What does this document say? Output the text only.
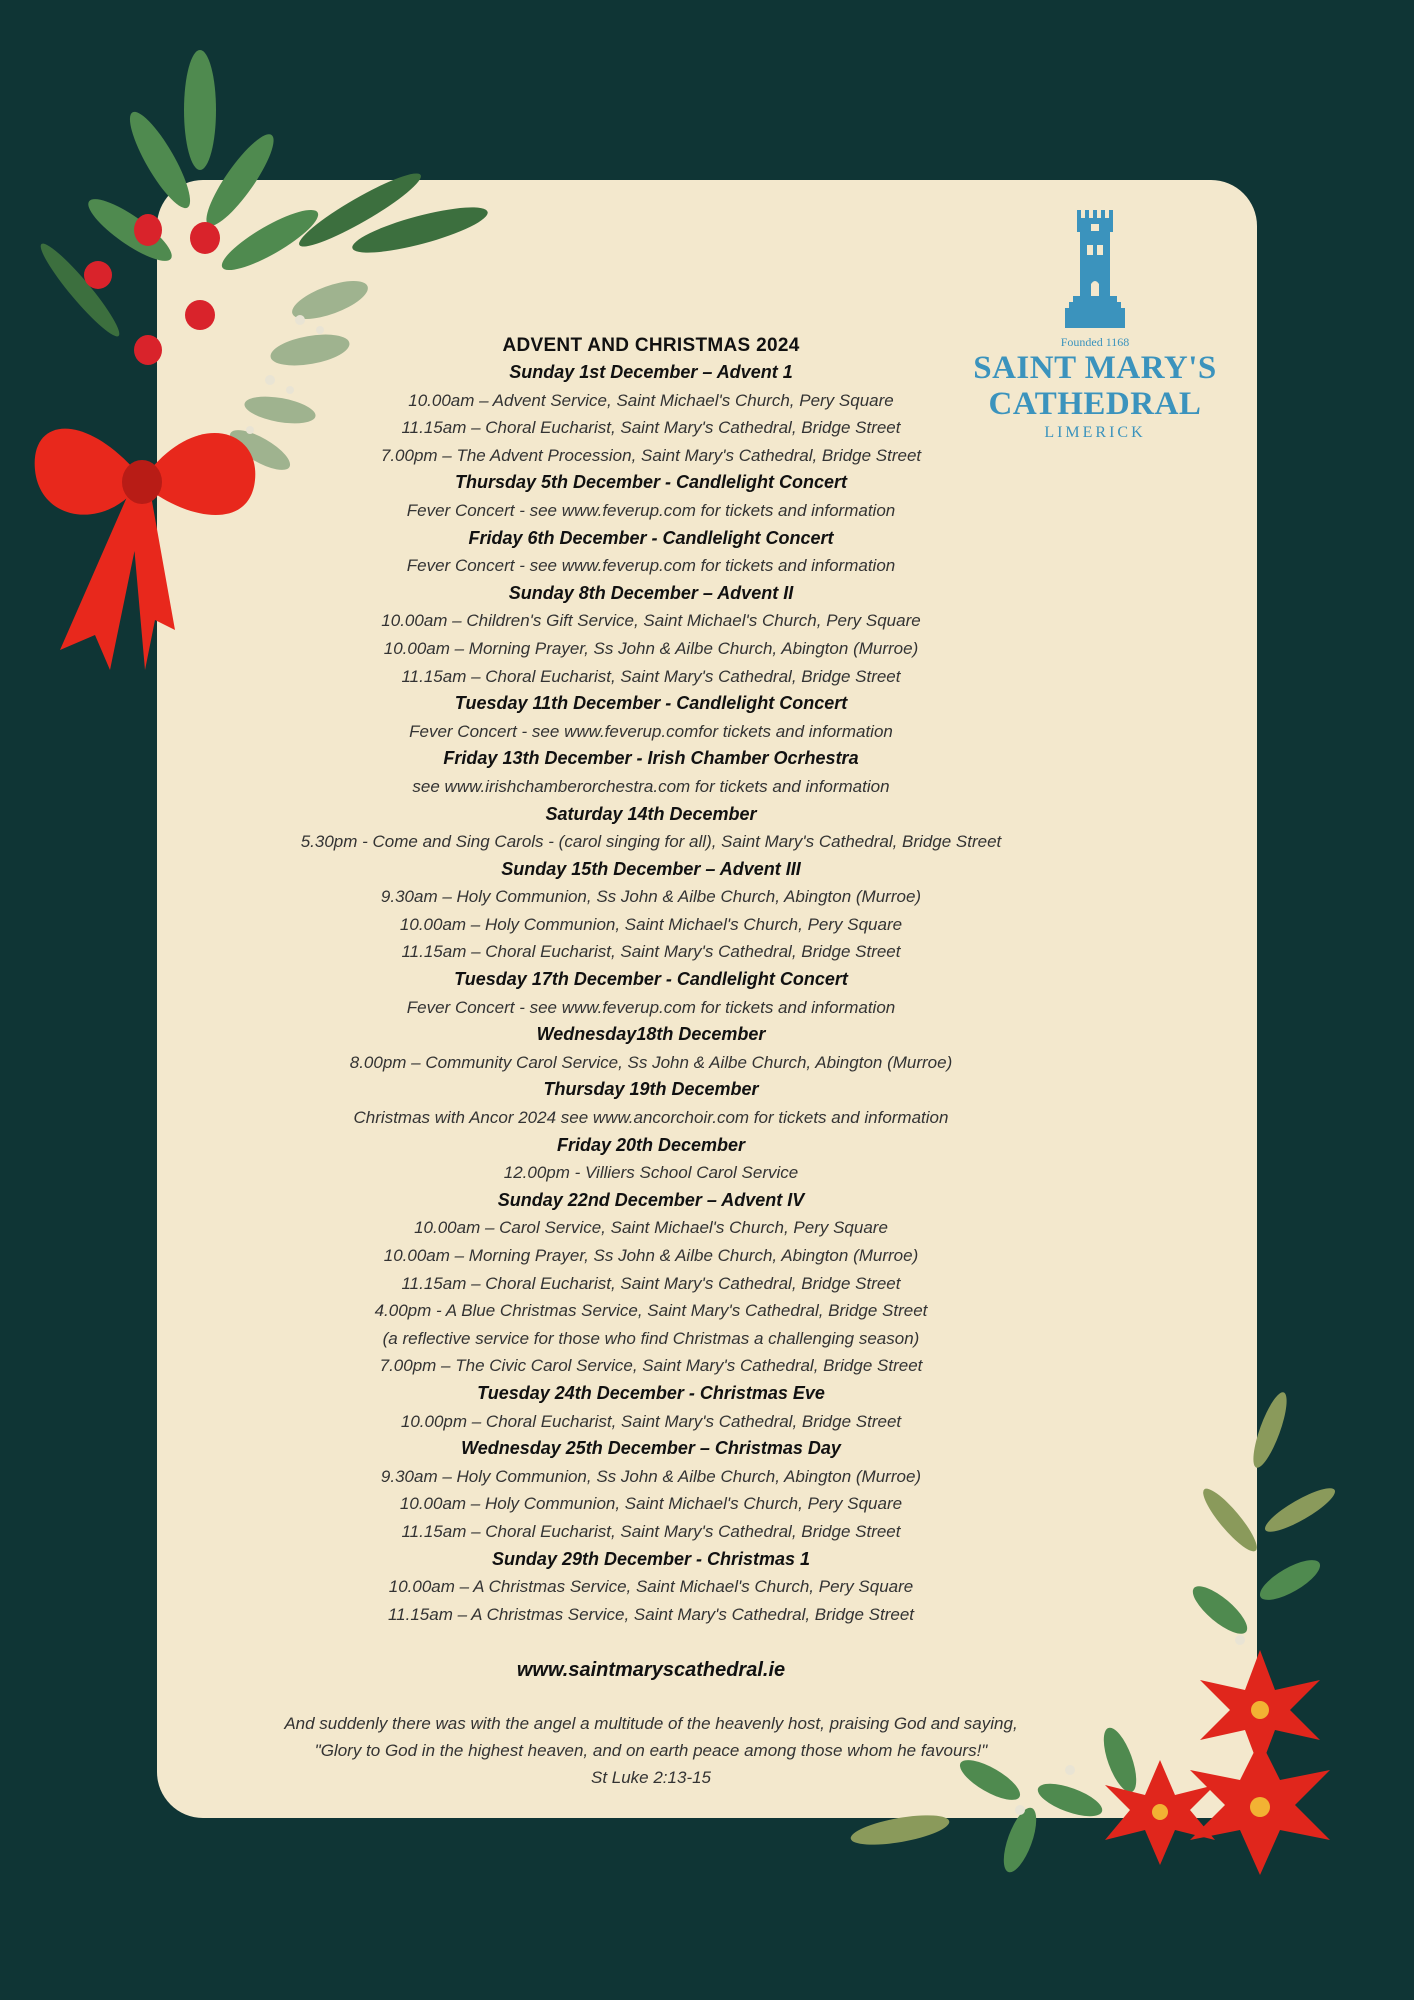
Founded 1168
SAINT MARY'S
CATHEDRAL
LIMERICK
ADVENT AND CHRISTMAS 2024
Sunday 1st December – Advent 1
10.00am – Advent Service, Saint Michael's Church, Pery Square
11.15am – Choral Eucharist, Saint Mary's Cathedral, Bridge Street
7.00pm – The Advent Procession, Saint Mary's Cathedral, Bridge Street
Thursday 5th December - Candlelight Concert
Fever Concert - see www.feverup.com for tickets and information
Friday 6th December - Candlelight Concert
Fever Concert - see www.feverup.com for tickets and information
Sunday 8th December – Advent II
10.00am – Children's Gift Service, Saint Michael's Church, Pery Square
10.00am – Morning Prayer, Ss John & Ailbe Church, Abington (Murroe)
11.15am – Choral Eucharist, Saint Mary's Cathedral, Bridge Street
Tuesday 11th December - Candlelight Concert
Fever Concert - see www.feverup.comfor tickets and information
Friday 13th December - Irish Chamber Ocrhestra
see www.irishchamberorchestra.com for tickets and information
Saturday 14th December
5.30pm - Come and Sing Carols - (carol singing for all), Saint Mary's Cathedral, Bridge Street
Sunday 15th December – Advent III
9.30am – Holy Communion, Ss John & Ailbe Church, Abington (Murroe)
10.00am – Holy Communion, Saint Michael's Church, Pery Square
11.15am – Choral Eucharist, Saint Mary's Cathedral, Bridge Street
Tuesday 17th December - Candlelight Concert
Fever Concert - see www.feverup.com for tickets and information
Wednesday18th December
8.00pm – Community Carol Service, Ss John & Ailbe Church, Abington (Murroe)
Thursday 19th December
Christmas with Ancor 2024 see www.ancorchoir.com for tickets and information
Friday 20th December
12.00pm - Villiers School Carol Service
Sunday 22nd December – Advent IV
10.00am – Carol Service, Saint Michael's Church, Pery Square
10.00am – Morning Prayer, Ss John & Ailbe Church, Abington (Murroe)
11.15am – Choral Eucharist, Saint Mary's Cathedral, Bridge Street
4.00pm - A Blue Christmas Service, Saint Mary's Cathedral, Bridge Street
(a reflective service for those who find Christmas a challenging season)
7.00pm – The Civic Carol Service, Saint Mary's Cathedral, Bridge Street
Tuesday 24th December - Christmas Eve
10.00pm – Choral Eucharist, Saint Mary's Cathedral, Bridge Street
Wednesday 25th December – Christmas Day
9.30am – Holy Communion, Ss John & Ailbe Church, Abington (Murroe)
10.00am – Holy Communion, Saint Michael's Church, Pery Square
11.15am – Choral Eucharist, Saint Mary's Cathedral, Bridge Street
Sunday 29th December - Christmas 1
10.00am – A Christmas Service, Saint Michael's Church, Pery Square
11.15am – A Christmas Service, Saint Mary's Cathedral, Bridge Street
www.saintmaryscathedral.ie
And suddenly there was with the angel a multitude of the heavenly host, praising God and saying,
"Glory to God in the highest heaven, and on earth peace among those whom he favours!"
St Luke 2:13-15
